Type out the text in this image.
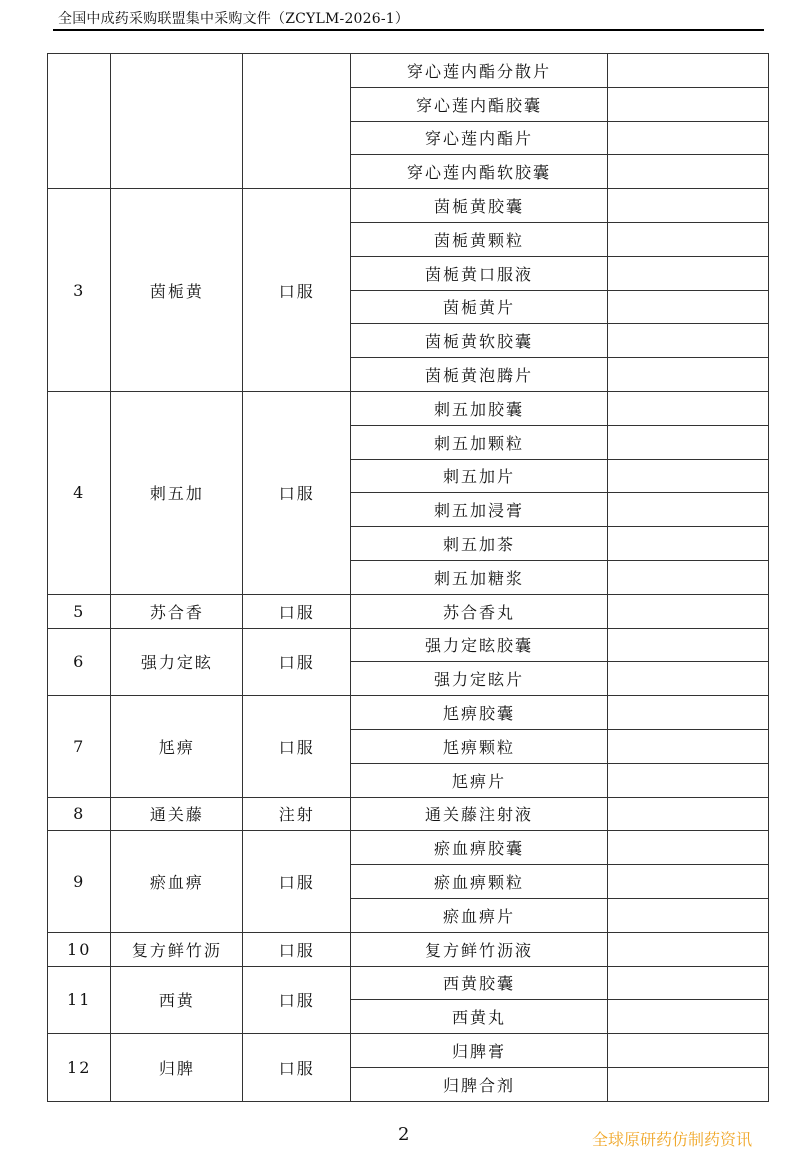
全国中成药采购联盟集中采购文件（ZCYLM-2026-1）
			穿心莲内酯分散片	
			穿心莲内酯胶囊	
			穿心莲内酯片	
			穿心莲内酯软胶囊	
3	茵栀黄	口服	茵栀黄胶囊	
			茵栀黄颗粒	
			茵栀黄口服液	
			茵栀黄片	
			茵栀黄软胶囊	
			茵栀黄泡腾片	
4	刺五加	口服	刺五加胶囊	
			刺五加颗粒	
			刺五加片	
			刺五加浸膏	
			刺五加茶	
			刺五加糖浆	
5	苏合香	口服	苏合香丸	
6	强力定眩	口服	强力定眩胶囊	
			强力定眩片	
7	尪痹	口服	尪痹胶囊	
			尪痹颗粒	
			尪痹片	
8	通关藤	注射	通关藤注射液	
9	瘀血痹	口服	瘀血痹胶囊	
			瘀血痹颗粒	
			瘀血痹片	
10	复方鲜竹沥	口服	复方鲜竹沥液	
11	西黄	口服	西黄胶囊	
			西黄丸	
12	归脾	口服	归脾膏	
			归脾合剂	
2	全球原研药仿制药资讯
